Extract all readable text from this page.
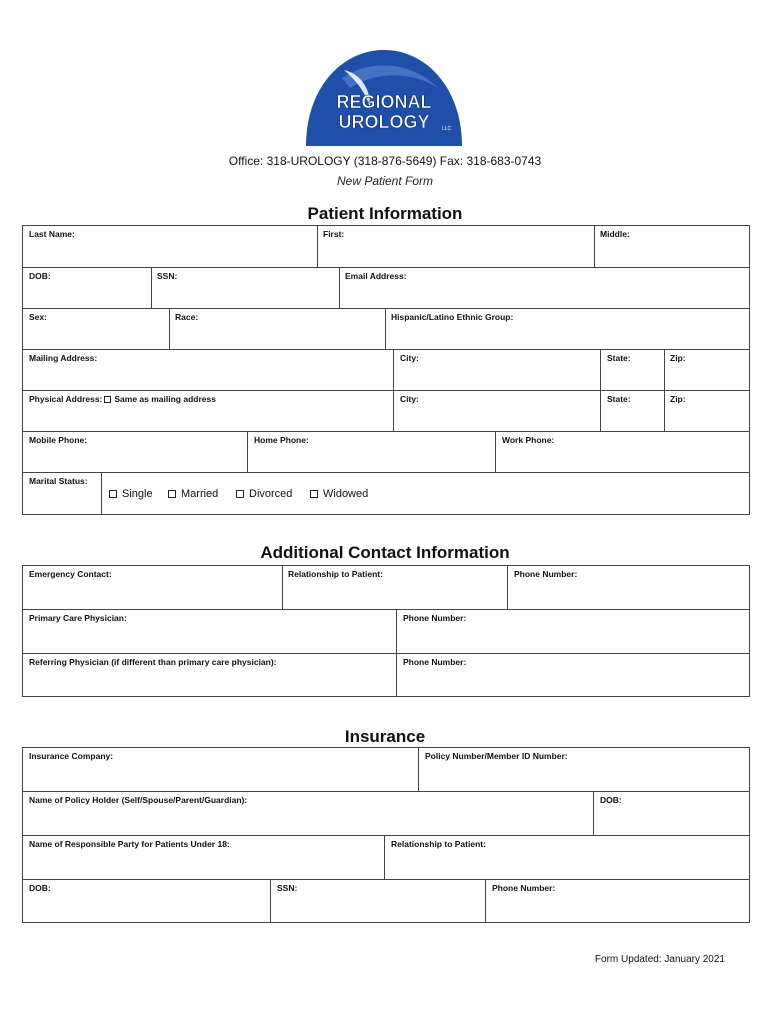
REGIONAL
UROLOGY LLC
Office: 318-UROLOGY (318-876-5649) Fax: 318-683-0743
New Patient Form
Patient Information
Last Name:	First:	Middle:
DOB:	SSN:	Email Address:
Sex:	Race:	Hispanic/Latino Ethnic Group:
Mailing Address:	City:	State:	Zip:
Physical Address: Same as mailing address	City:	State:	Zip:
Mobile Phone:	Home Phone:	Work Phone:
Marital Status:
Single	Married	Divorced	Widowed
Additional Contact Information
Emergency Contact:	Relationship to Patient:	Phone Number:
Primary Care Physician:	Phone Number:
Referring Physician (if different than primary care physician):	Phone Number:
Insurance
Insurance Company:	Policy Number/Member ID Number:
Name of Policy Holder (Self/Spouse/Parent/Guardian):	DOB:
Name of Responsible Party for Patients Under 18:	Relationship to Patient:
DOB:	SSN:	Phone Number:
Form Updated: January 2021
